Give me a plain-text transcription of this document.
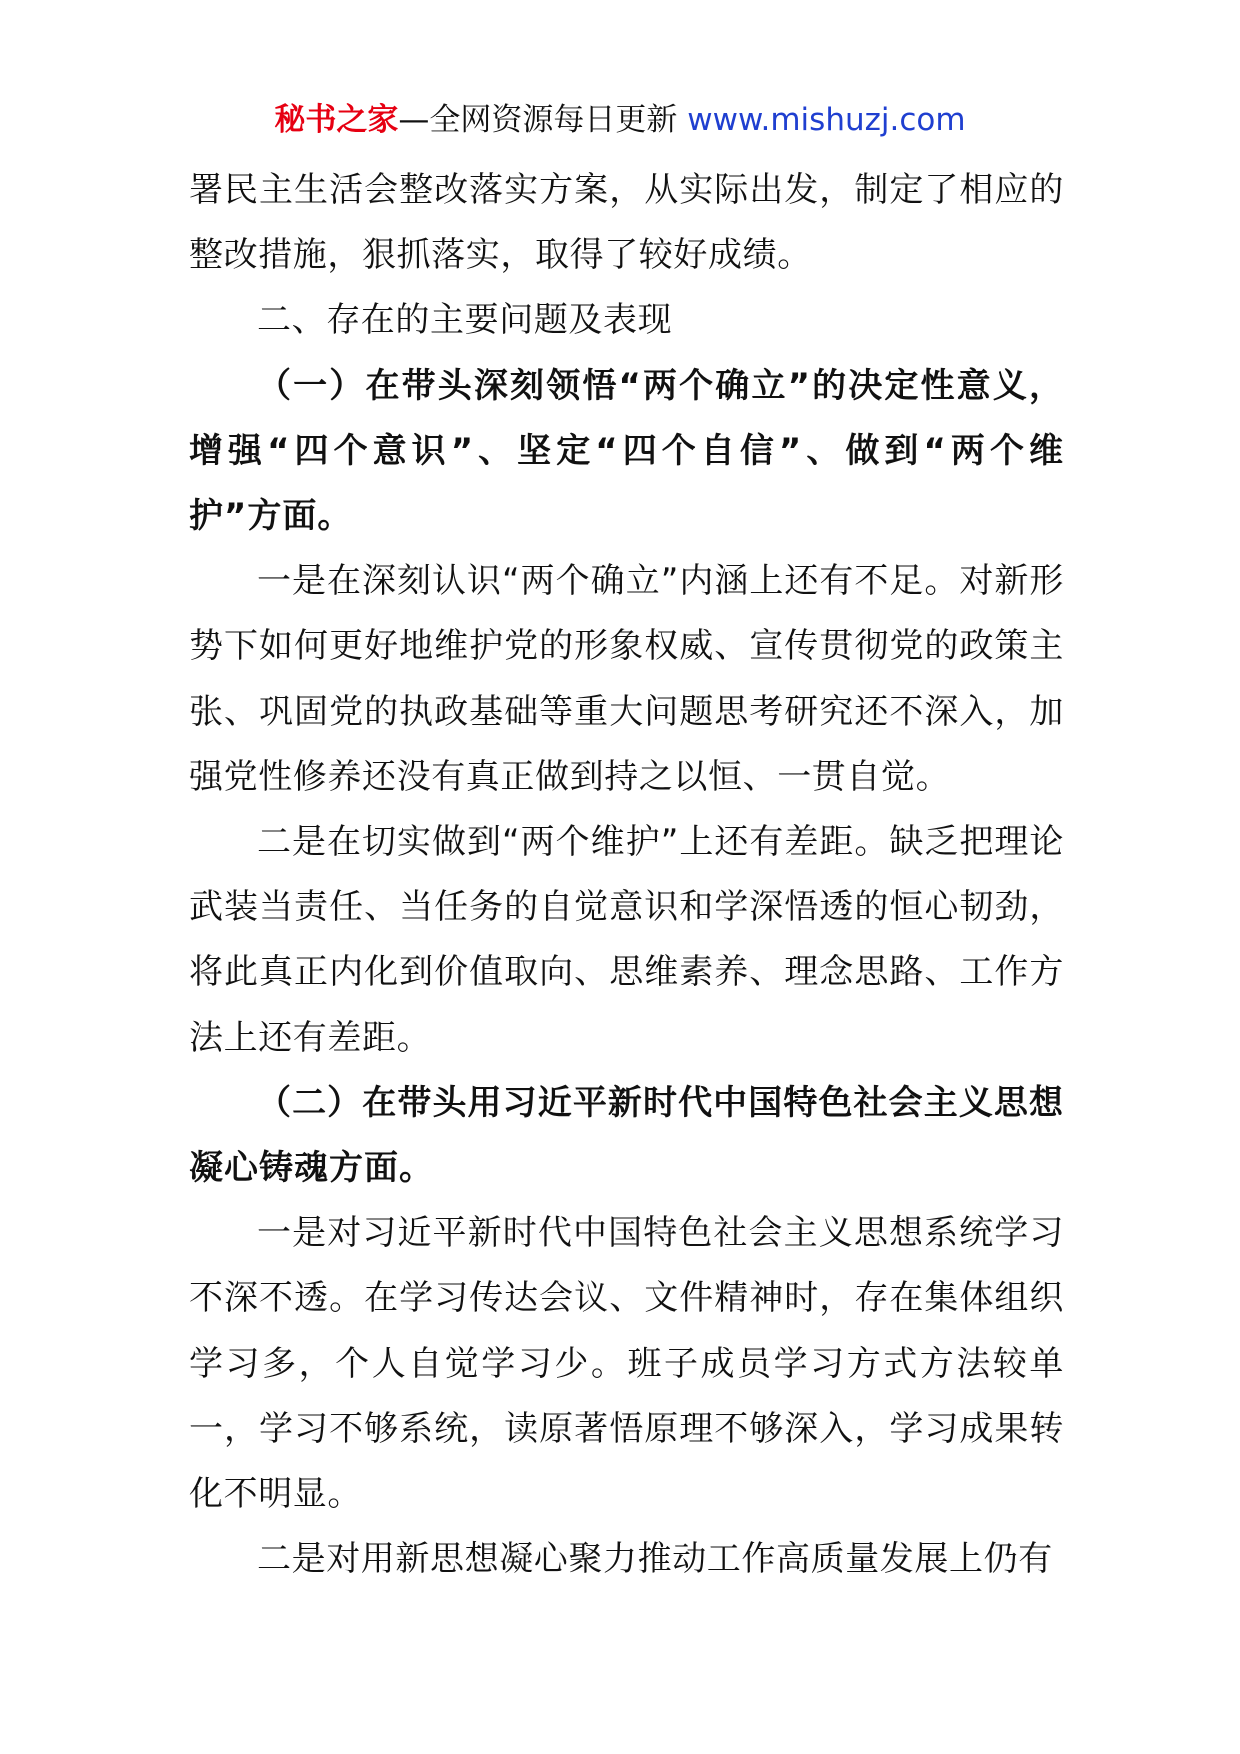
秘书之家—全网资源每日更新 www.mishuzj.com

署民主生活会整改落实方案，从实际出发，制定了相应的整改措施，狠抓落实，取得了较好成绩。

二、存在的主要问题及表现

（一）在带头深刻领悟“两个确立”的决定性意义，增强“四个意识”、坚定“四个自信”、做到“两个维护”方面。

一是在深刻认识“两个确立”内涵上还有不足。对新形势下如何更好地维护党的形象权威、宣传贯彻党的政策主张、巩固党的执政基础等重大问题思考研究还不深入，加强党性修养还没有真正做到持之以恒、一贯自觉。

二是在切实做到“两个维护”上还有差距。缺乏把理论武装当责任、当任务的自觉意识和学深悟透的恒心韧劲，将此真正内化到价值取向、思维素养、理念思路、工作方法上还有差距。

（二）在带头用习近平新时代中国特色社会主义思想凝心铸魂方面。

一是对习近平新时代中国特色社会主义思想系统学习不深不透。在学习传达会议、文件精神时，存在集体组织学习多，个人自觉学习少。班子成员学习方式方法较单一，学习不够系统，读原著悟原理不够深入，学习成果转化不明显。

二是对用新思想凝心聚力推动工作高质量发展上仍有
